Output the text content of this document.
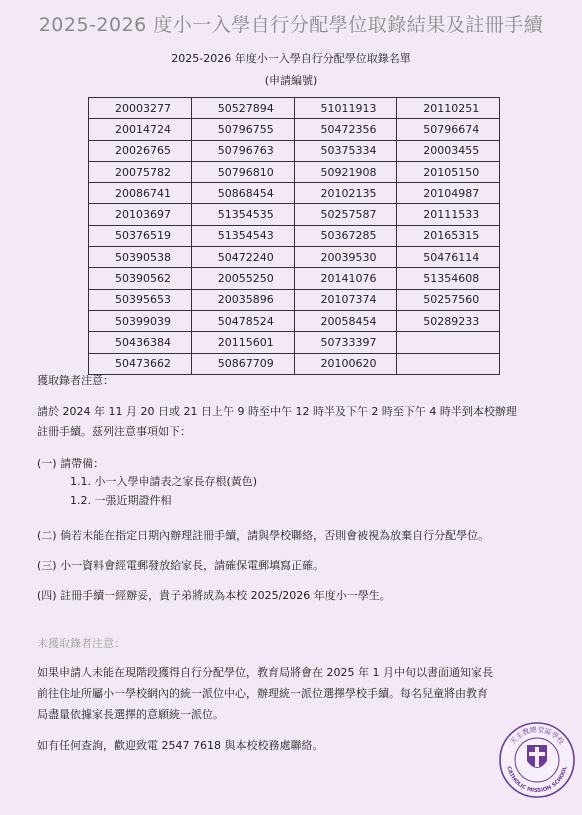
2025-2026 度小一入學自行分配學位取錄結果及註冊手續
2025-2026 年度小一入學自行分配學位取錄名單
(申請編號)
20003277	50527894	51011913	20110251
20014724	50796755	50472356	50796674
20026765	50796763	50375334	20003455
20075782	50796810	50921908	20105150
20086741	50868454	20102135	20104987
20103697	51354535	50257587	20111533
50376519	51354543	50367285	20165315
50390538	50472240	20039530	50476114
50390562	20055250	20141076	51354608
50395653	20035896	20107374	50257560
50399039	50478524	20058454	50289233
50436384	20115601	50733397	
50473662	50867709	20100620	
獲取錄者注意：
請於 2024 年 11 月 20 日或 21 日上午 9 時至中午 12 時半及下午 2 時至下午 4 時半到本校辦理
註冊手續。茲列注意事項如下：
(一) 請帶備：
1.1. 小一入學申請表之家長存根(黃色)
1.2. 一張近期證件相
(二) 倘若未能在指定日期內辦理註冊手續，請與學校聯絡，否則會被視為放棄自行分配學位。
(三) 小一資料會經電郵發放給家長，請確保電郵填寫正確。
(四) 註冊手續一經辦妥，貴子弟將成為本校 2025/2026 年度小一學生。
未獲取錄者注意：
如果申請人未能在現階段獲得自行分配學位，教育局將會在 2025 年 1 月中旬以書面通知家長
前往住址所屬小一學校網內的統一派位中心，辦理統一派位選擇學校手續。每名兒童將由教育
局盡量依據家長選擇的意願統一派位。
如有任何查詢，歡迎致電 2547 7618 與本校校務處聯絡。	天主教總堂區學校
CATHOLIC MISSION SCHOOL
